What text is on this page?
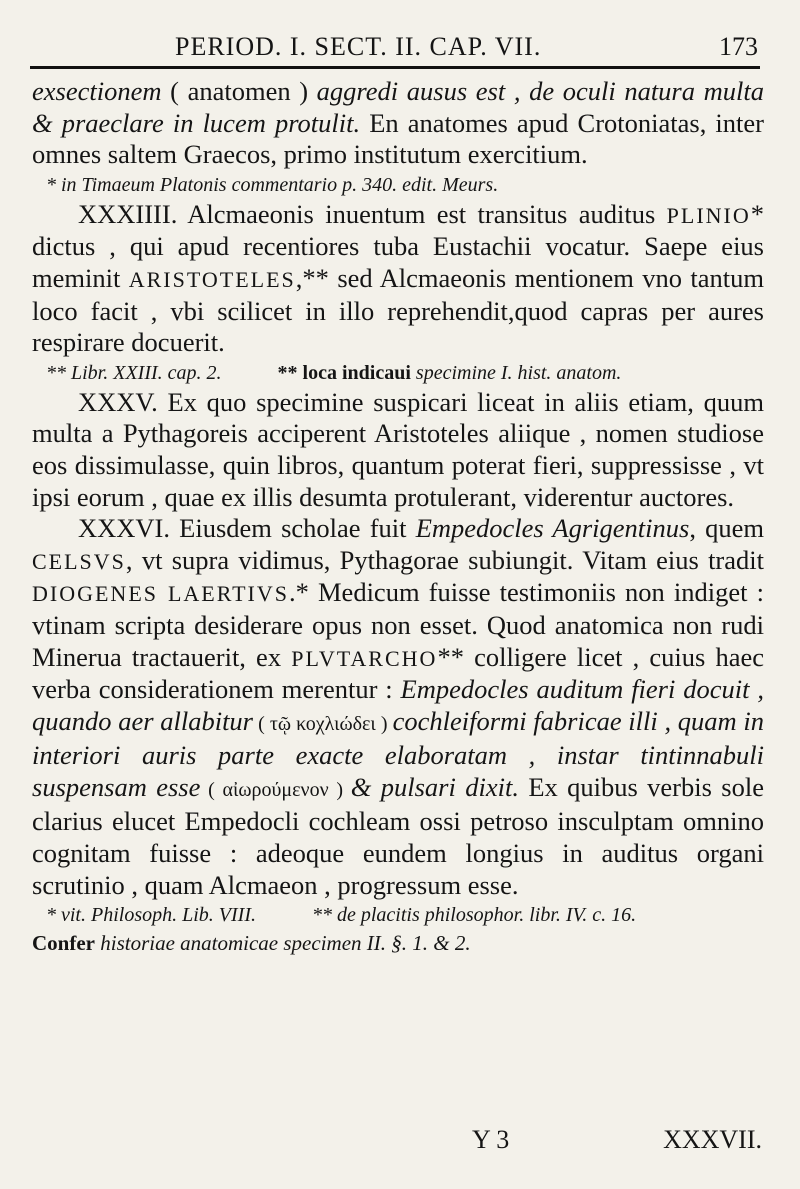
PERIOD. I. SECT. II. CAP. VII.	173

exsectionem ( anatomen ) aggredi ausus est , de oculi natura multa & praeclare in lucem protulit. En anatomes apud Crotoniatas, inter omnes saltem Graecos, primo institutum exercitium.

* in Timaeum Platonis commentario p. 340. edit. Meurs.

XXXIIII. Alcmaeonis inuentum est transitus auditus PLINIO* dictus , qui apud recentiores tuba Eustachii vocatur. Saepe eius meminit ARISTOTELES,** sed Alcmaeonis mentionem vno tantum loco facit , vbi scilicet in illo reprehendit,quod capras per aures respirare docuerit.

** Libr. XXIII. cap. 2.	** loca indicaui specimine I. hist. anatom.

XXXV. Ex quo specimine suspicari liceat in aliis etiam, quum multa a Pythagoreis acciperent Aristoteles aliique , nomen studiose eos dissimulasse, quin libros, quantum poterat fieri, suppressisse , vt ipsi eorum , quae ex illis desumta protulerant, viderentur auctores.

XXXVI. Eiusdem scholae fuit Empedocles Agrigentinus, quem CELSVS, vt supra vidimus, Pythagorae subiungit. Vitam eius tradit DIOGENES LAERTIVS.* Medicum fuisse testimoniis non indiget : vtinam scripta desiderare opus non esset. Quod anatomica non rudi Minerua tractauerit, ex PLVTARCHO** colligere licet , cuius haec verba considerationem merentur : Empedocles auditum fieri docuit , quando aer allabitur ( τῷ κοχλιώδει ) cochleiformi fabricae illi , quam in interiori auris parte exacte elaboratam , instar tintinnabuli suspensam esse ( αἰωρούμενον ) & pulsari dixit. Ex quibus verbis sole clarius elucet Empedocli cochleam ossi petroso insculptam omnino cognitam fuisse : adeoque eundem longius in auditus organi scrutinio , quam Alcmaeon , progressum esse.

* vit. Philosoph. Lib. VIII.	** de placitis philosophor. libr. IV. c. 16.

Confer historiae anatomicae specimen II. §. 1. & 2.

Y 3	XXXVII.
